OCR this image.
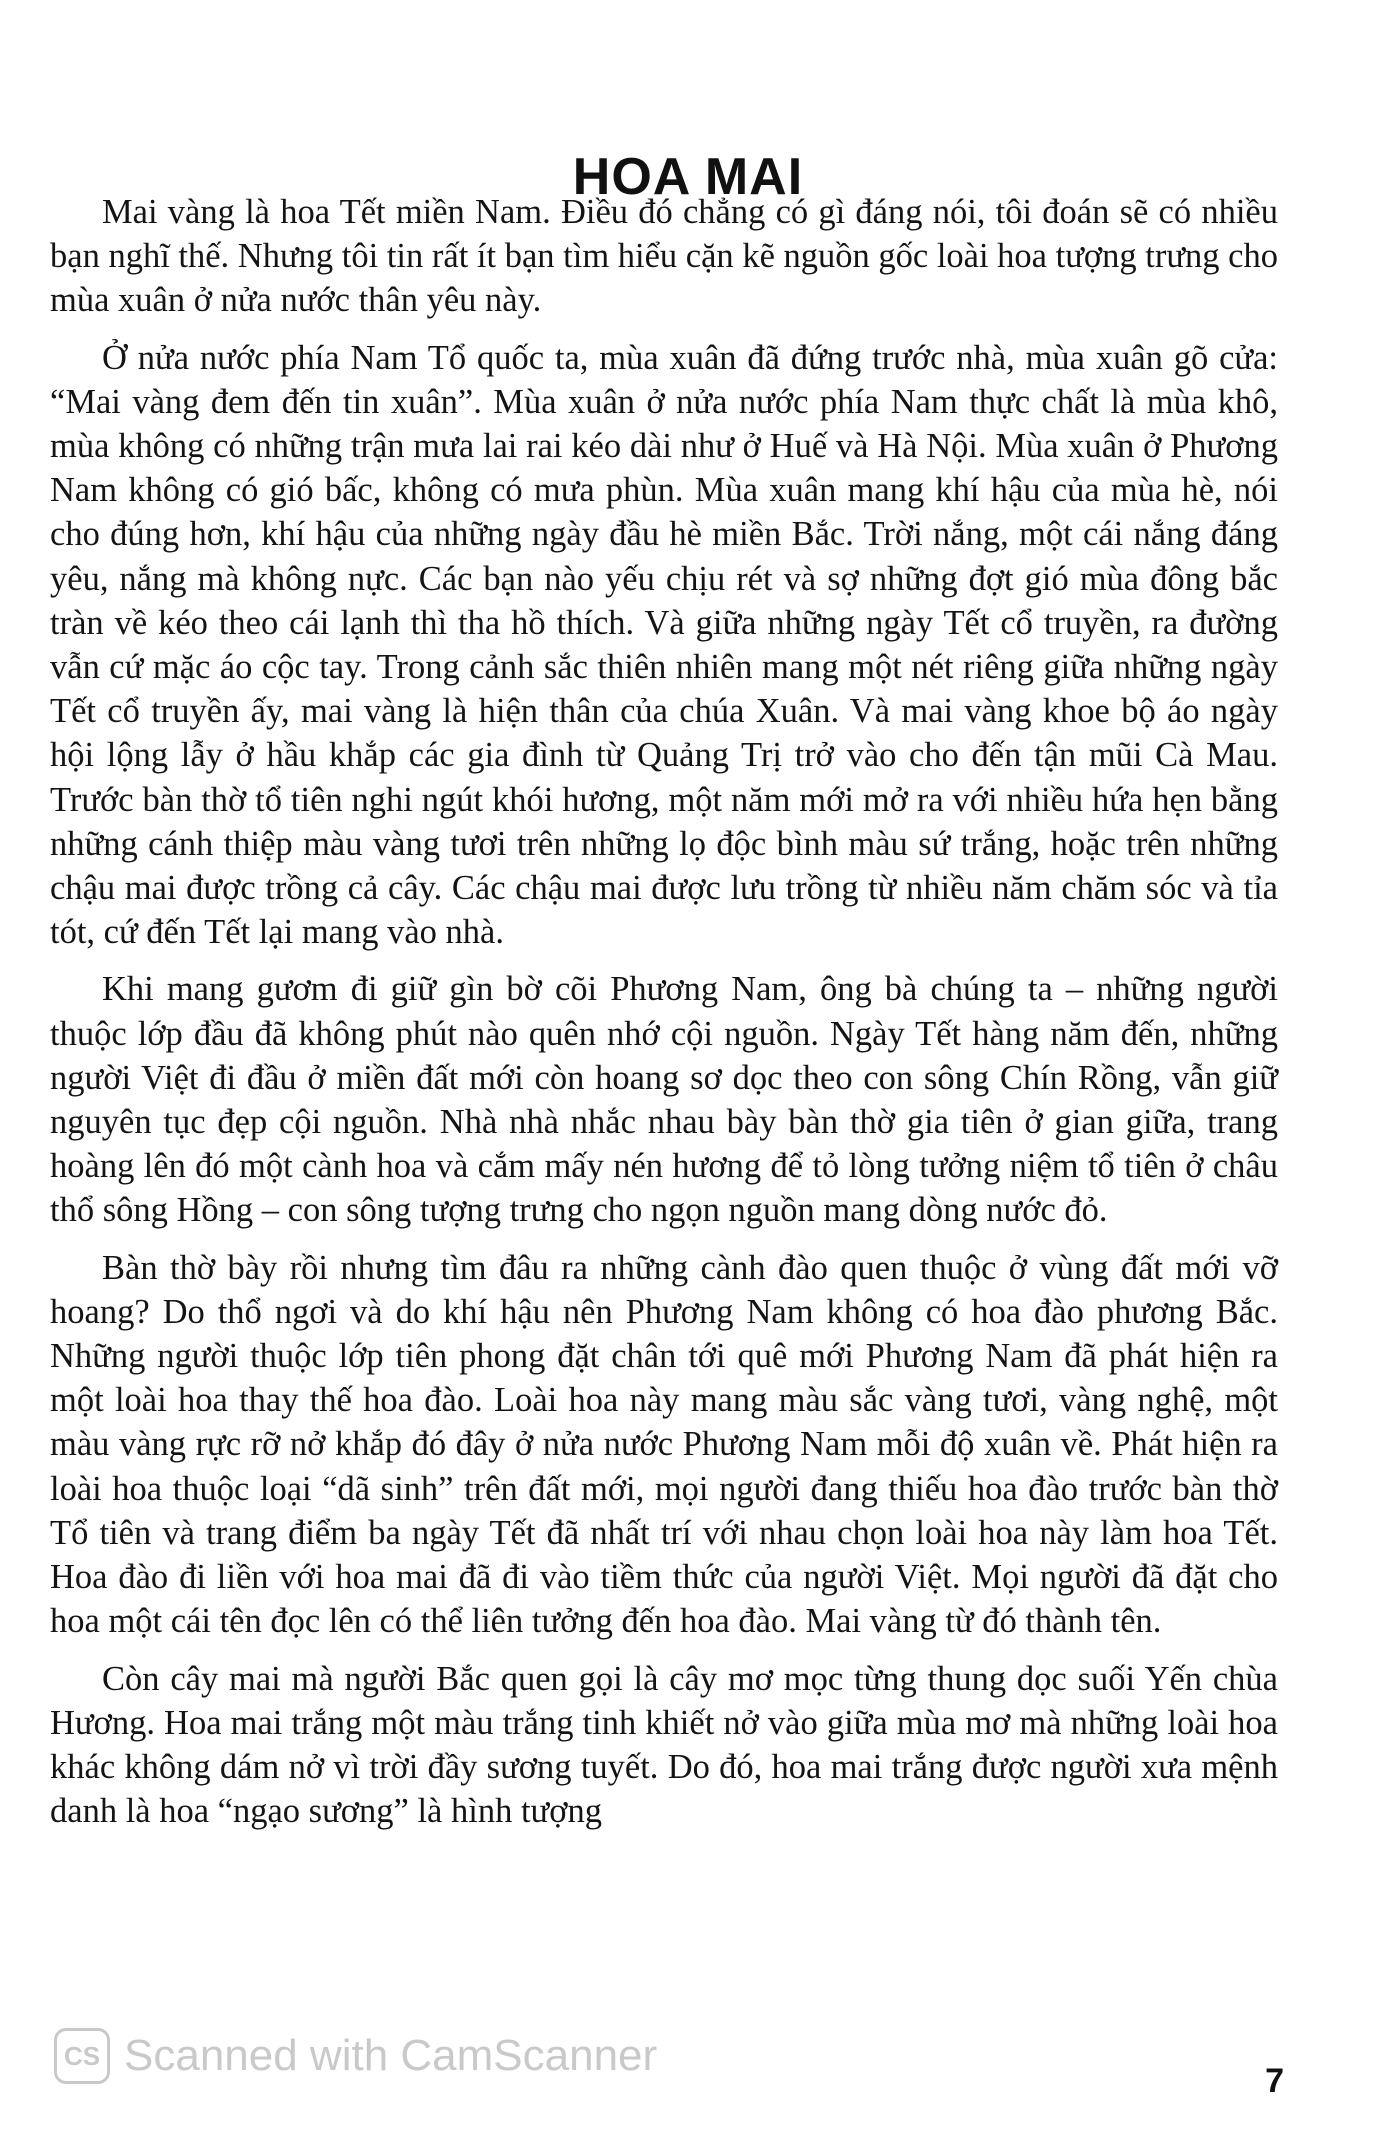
HOA MAI

Mai vàng là hoa Tết miền Nam. Điều đó chẳng có gì đáng nói, tôi đoán sẽ có nhiều bạn nghĩ thế. Nhưng tôi tin rất ít bạn tìm hiểu cặn kẽ nguồn gốc loài hoa tượng trưng cho mùa xuân ở nửa nước thân yêu này.

Ở nửa nước phía Nam Tổ quốc ta, mùa xuân đã đứng trước nhà, mùa xuân gõ cửa: “Mai vàng đem đến tin xuân”. Mùa xuân ở nửa nước phía Nam thực chất là mùa khô, mùa không có những trận mưa lai rai kéo dài như ở Huế và Hà Nội. Mùa xuân ở Phương Nam không có gió bấc, không có mưa phùn. Mùa xuân mang khí hậu của mùa hè, nói cho đúng hơn, khí hậu của những ngày đầu hè miền Bắc. Trời nắng, một cái nắng đáng yêu, nắng mà không nực. Các bạn nào yếu chịu rét và sợ những đợt gió mùa đông bắc tràn về kéo theo cái lạnh thì tha hồ thích. Và giữa những ngày Tết cổ truyền, ra đường vẫn cứ mặc áo cộc tay. Trong cảnh sắc thiên nhiên mang một nét riêng giữa những ngày Tết cổ truyền ấy, mai vàng là hiện thân của chúa Xuân. Và mai vàng khoe bộ áo ngày hội lộng lẫy ở hầu khắp các gia đình từ Quảng Trị trở vào cho đến tận mũi Cà Mau. Trước bàn thờ tổ tiên nghi ngút khói hương, một năm mới mở ra với nhiều hứa hẹn bằng những cánh thiệp màu vàng tươi trên những lọ độc bình màu sứ trắng, hoặc trên những chậu mai được trồng cả cây. Các chậu mai được lưu trồng từ nhiều năm chăm sóc và tỉa tót, cứ đến Tết lại mang vào nhà.

Khi mang gươm đi giữ gìn bờ cõi Phương Nam, ông bà chúng ta – những người thuộc lớp đầu đã không phút nào quên nhớ cội nguồn. Ngày Tết hàng năm đến, những người Việt đi đầu ở miền đất mới còn hoang sơ dọc theo con sông Chín Rồng, vẫn giữ nguyên tục đẹp cội nguồn. Nhà nhà nhắc nhau bày bàn thờ gia tiên ở gian giữa, trang hoàng lên đó một cành hoa và cắm mấy nén hương để tỏ lòng tưởng niệm tổ tiên ở châu thổ sông Hồng – con sông tượng trưng cho ngọn nguồn mang dòng nước đỏ.

Bàn thờ bày rồi nhưng tìm đâu ra những cành đào quen thuộc ở vùng đất mới vỡ hoang? Do thổ ngơi và do khí hậu nên Phương Nam không có hoa đào phương Bắc. Những người thuộc lớp tiên phong đặt chân tới quê mới Phương Nam đã phát hiện ra một loài hoa thay thế hoa đào. Loài hoa này mang màu sắc vàng tươi, vàng nghệ, một màu vàng rực rỡ nở khắp đó đây ở nửa nước Phương Nam mỗi độ xuân về. Phát hiện ra loài hoa thuộc loại “dã sinh” trên đất mới, mọi người đang thiếu hoa đào trước bàn thờ Tổ tiên và trang điểm ba ngày Tết đã nhất trí với nhau chọn loài hoa này làm hoa Tết. Hoa đào đi liền với hoa mai đã đi vào tiềm thức của người Việt. Mọi người đã đặt cho hoa một cái tên đọc lên có thể liên tưởng đến hoa đào. Mai vàng từ đó thành tên.

Còn cây mai mà người Bắc quen gọi là cây mơ mọc từng thung dọc suối Yến chùa Hương. Hoa mai trắng một màu trắng tinh khiết nở vào giữa mùa mơ mà những loài hoa khác không dám nở vì trời đầy sương tuyết. Do đó, hoa mai trắng được người xưa mệnh danh là hoa “ngạo sương” là hình tượng

CS Scanned with CamScanner
7
